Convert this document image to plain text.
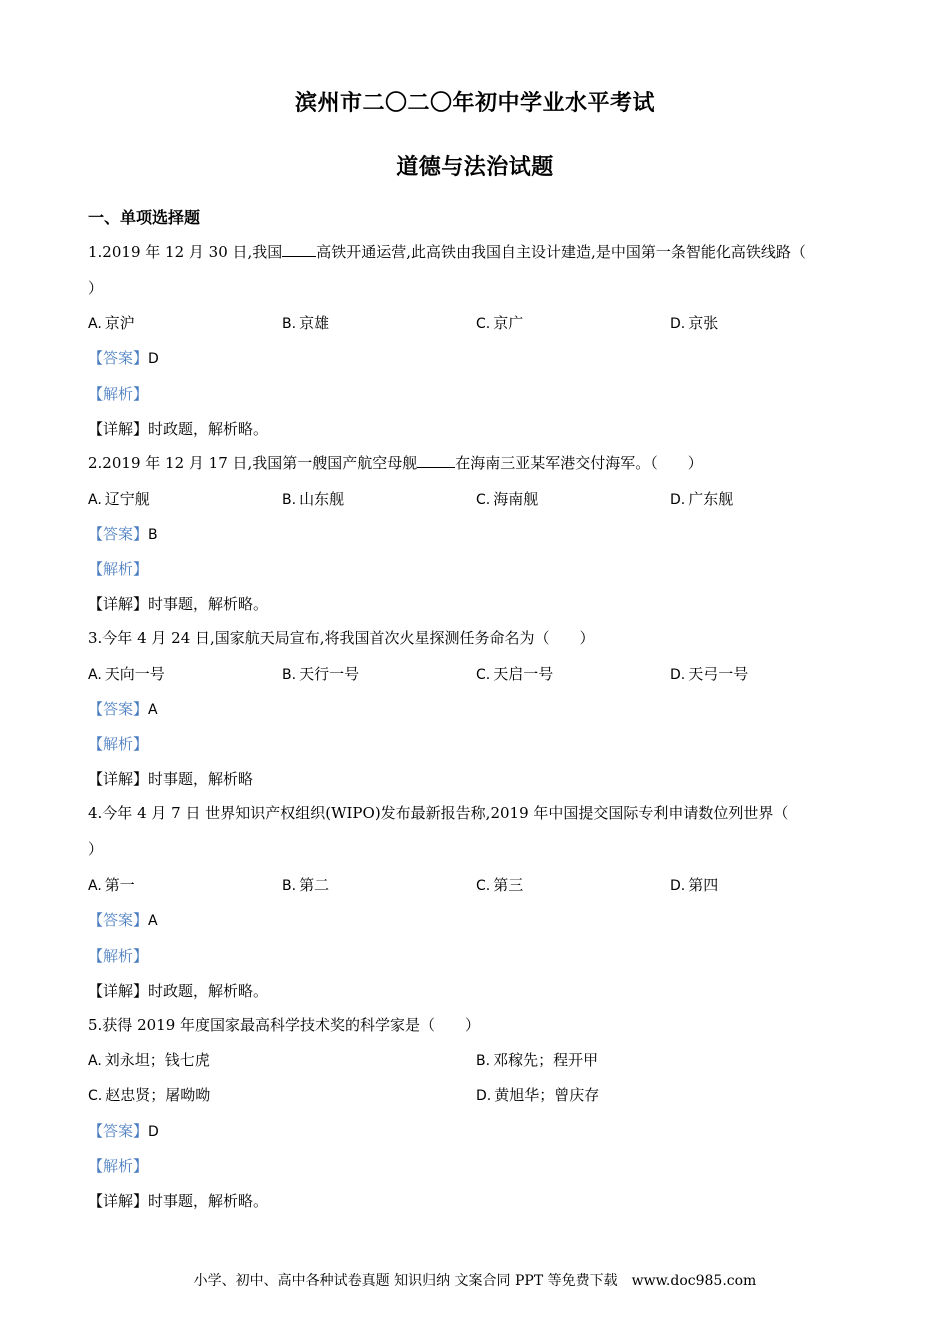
滨州市二〇二〇年初中学业水平考试
道德与法治试题
一、单项选择题
1.2019 年 12 月 30 日,我国 高铁开通运营,此高铁由我国自主设计建造,是中国第一条智能化高铁线路（
）
A. 京沪	B. 京雄	C. 京广	D. 京张
【答案】D
【解析】
【详解】时政题，解析略。
2.2019 年 12 月 17 日,我国第一艘国产航空母舰	在海南三亚某军港交付海军。（　　）
A. 辽宁舰	B. 山东舰	C. 海南舰	D. 广东舰
【答案】B
【解析】
【详解】时事题，解析略。
3.今年 4 月 24 日,国家航天局宣布,将我国首次火星探测任务命名为（　　）
A. 天向一号	B. 天行一号	C. 天启一号	D. 天弓一号
【答案】A
【解析】
【详解】时事题，解析略
4.今年 4 月 7 日 世界知识产权组织(WIPO)发布最新报告称,2019 年中国提交国际专利申请数位列世界（
）
A. 第一	B. 第二	C. 第三	D. 第四
【答案】A
【解析】
【详解】时政题，解析略。
5.获得 2019 年度国家最高科学技术奖的科学家是（　　）
A. 刘永坦；钱七虎	B. 邓稼先；程开甲
C. 赵忠贤；屠呦呦	D. 黄旭华；曾庆存
【答案】D
【解析】
【详解】时事题，解析略。
小学、初中、高中各种试卷真题 知识归纳 文案合同 PPT 等免费下载　www.doc985.com
